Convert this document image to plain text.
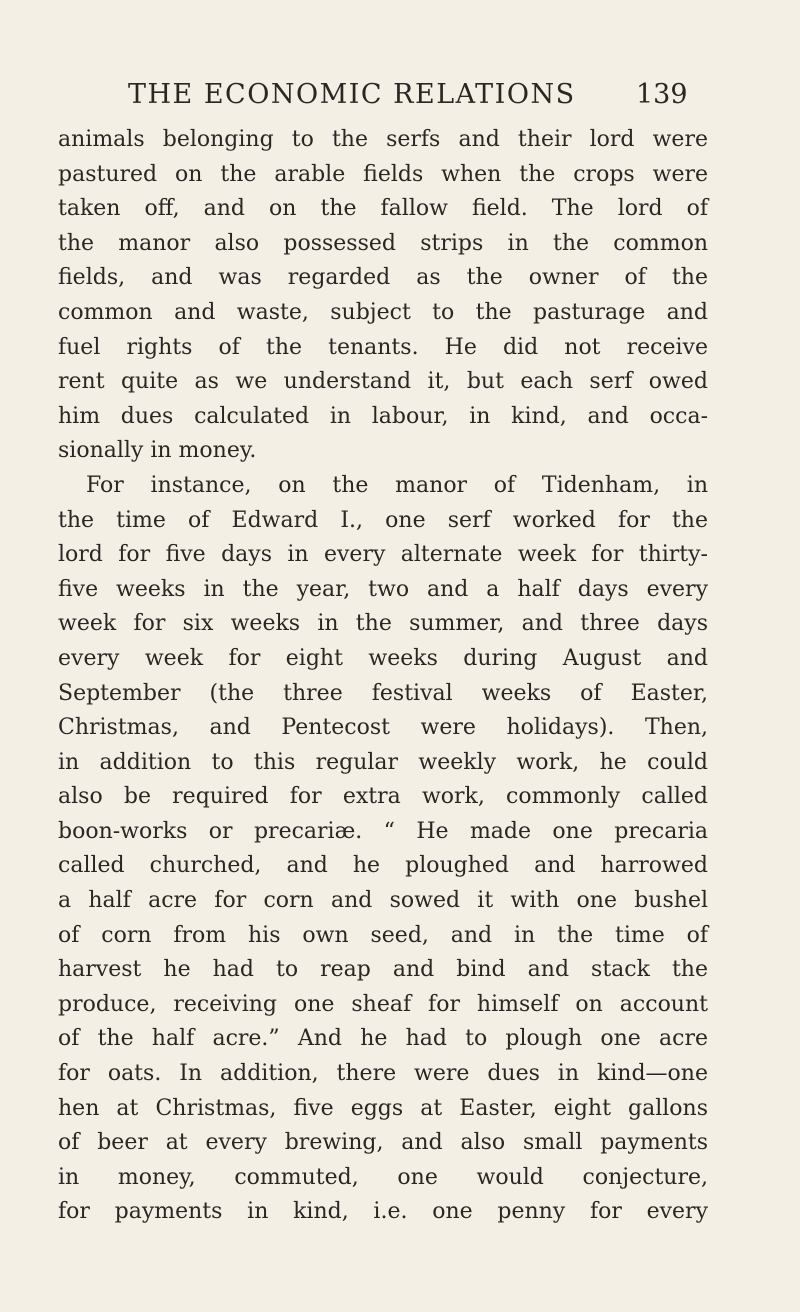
THE ECONOMIC RELATIONS 139
animals belonging to the serfs and their lord were
pastured on the arable fields when the crops were
taken off, and on the fallow field. The lord of
the manor also possessed strips in the common
fields, and was regarded as the owner of the
common and waste, subject to the pasturage and
fuel rights of the tenants. He did not receive
rent quite as we understand it, but each serf owed
him dues calculated in labour, in kind, and occa-
sionally in money.
For instance, on the manor of Tidenham, in
the time of Edward I., one serf worked for the
lord for five days in every alternate week for thirty-
five weeks in the year, two and a half days every
week for six weeks in the summer, and three days
every week for eight weeks during August and
September (the three festival weeks of Easter,
Christmas, and Pentecost were holidays). Then,
in addition to this regular weekly work, he could
also be required for extra work, commonly called
boon-works or precariæ. “ He made one precaria
called churched, and he ploughed and harrowed
a half acre for corn and sowed it with one bushel
of corn from his own seed, and in the time of
harvest he had to reap and bind and stack the
produce, receiving one sheaf for himself on account
of the half acre.” And he had to plough one acre
for oats. In addition, there were dues in kind—one
hen at Christmas, five eggs at Easter, eight gallons
of beer at every brewing, and also small payments
in money, commuted, one would conjecture,
for payments in kind, i.e. one penny for every
